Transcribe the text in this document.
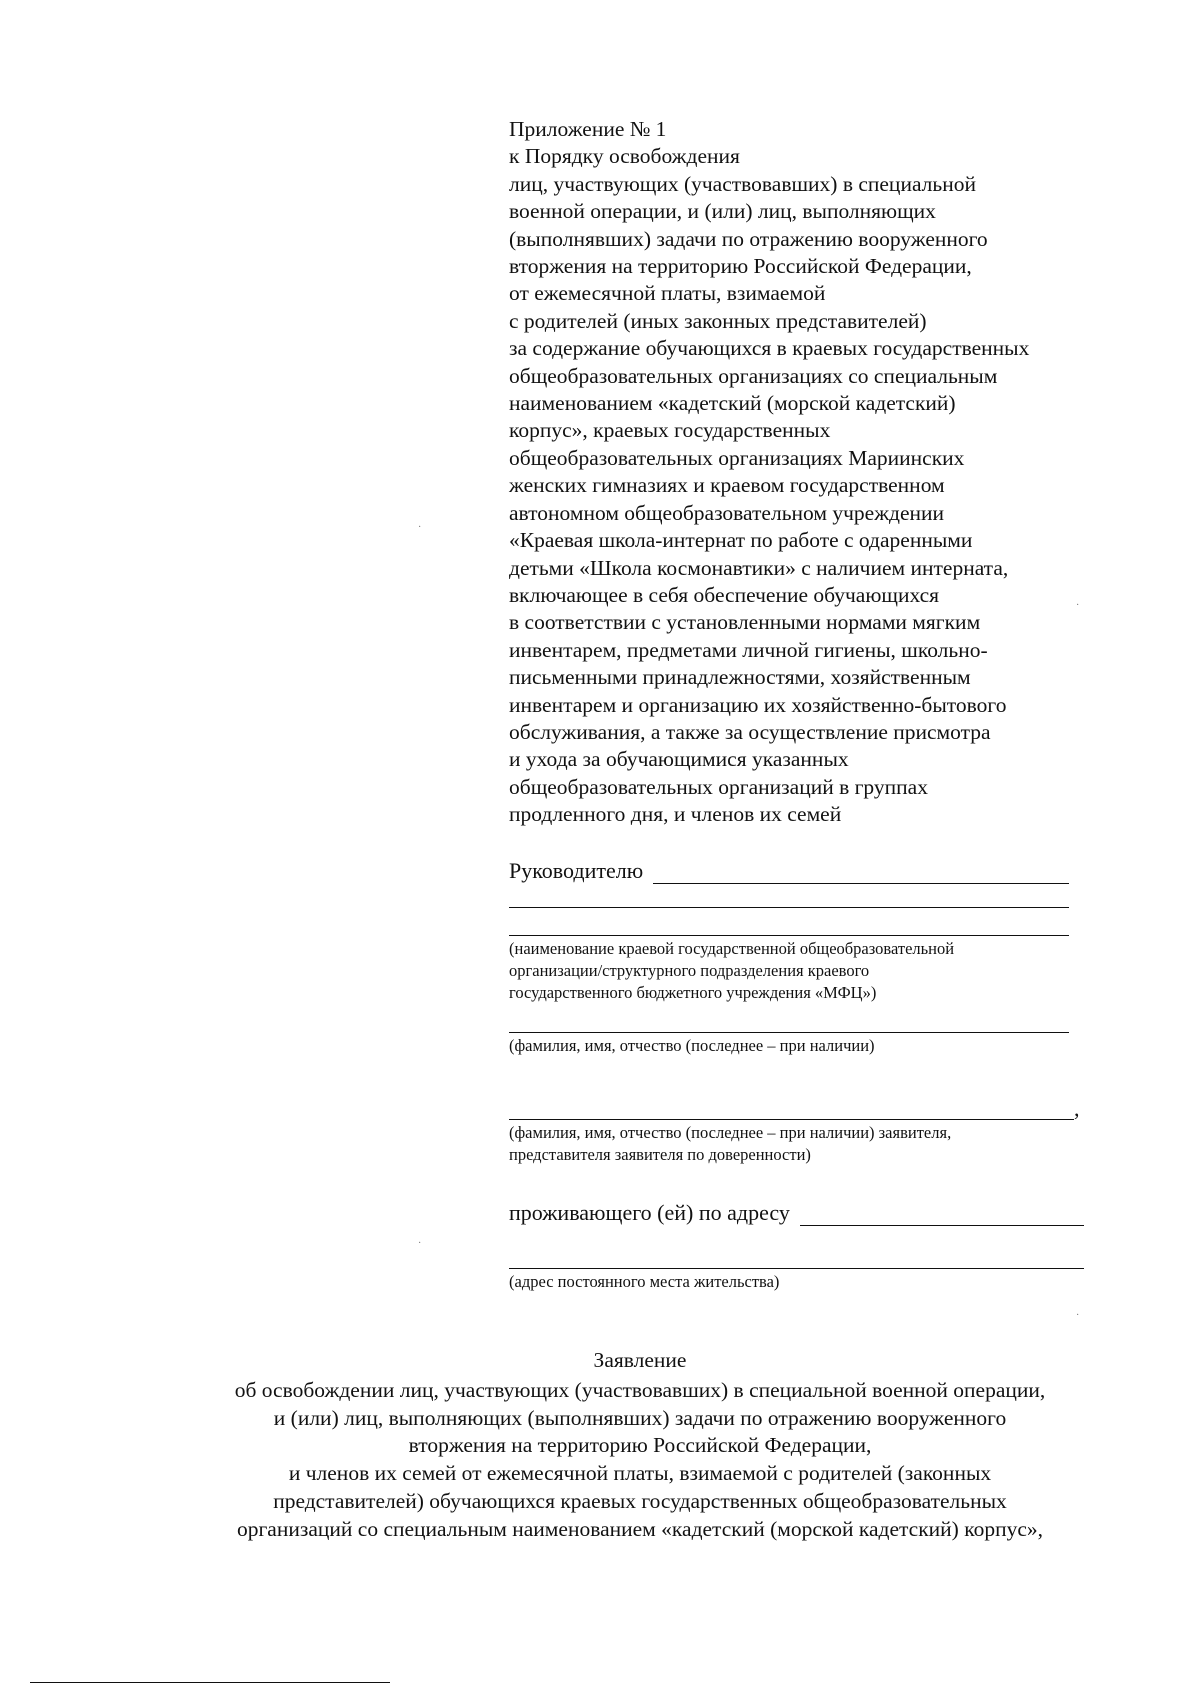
Приложение № 1
к Порядку освобождения
лиц, участвующих (участвовавших) в специальной
военной операции, и (или) лиц, выполняющих
(выполнявших) задачи по отражению вооруженного
вторжения на территорию Российской Федерации,
от ежемесячной платы, взимаемой
с родителей (иных законных представителей)
за содержание обучающихся в краевых государственных
общеобразовательных организациях со специальным
наименованием «кадетский (морской кадетский)
корпус», краевых государственных
общеобразовательных организациях Мариинских
женских гимназиях и краевом государственном
автономном общеобразовательном учреждении
«Краевая школа-интернат по работе с одаренными
детьми «Школа космонавтики» с наличием интерната,
включающее в себя обеспечение обучающихся
в соответствии с установленными нормами мягким
инвентарем, предметами личной гигиены, школьно-
письменными принадлежностями, хозяйственным
инвентарем и организацию их хозяйственно-бытового
обслуживания, а также за осуществление присмотра
и ухода за обучающимися указанных
общеобразовательных организаций в группах
продленного дня, и членов их семей
Руководителю
(наименование краевой государственной общеобразовательной
организации/структурного подразделения краевого
государственного бюджетного учреждения «МФЦ»)
(фамилия, имя, отчество (последнее – при наличии)
,
(фамилия, имя, отчество (последнее – при наличии) заявителя,
представителя заявителя по доверенности)
проживающего (ей) по адресу
(адрес постоянного места жительства)
Заявление
об освобождении лиц, участвующих (участвовавших) в специальной военной операции,
и (или) лиц, выполняющих (выполнявших) задачи по отражению вооруженного
вторжения на территорию Российской Федерации,
и членов их семей от ежемесячной платы, взимаемой с родителей (законных
представителей) обучающихся краевых государственных общеобразовательных
организаций со специальным наименованием «кадетский (морской кадетский) корпус»,
·
·
·
·
